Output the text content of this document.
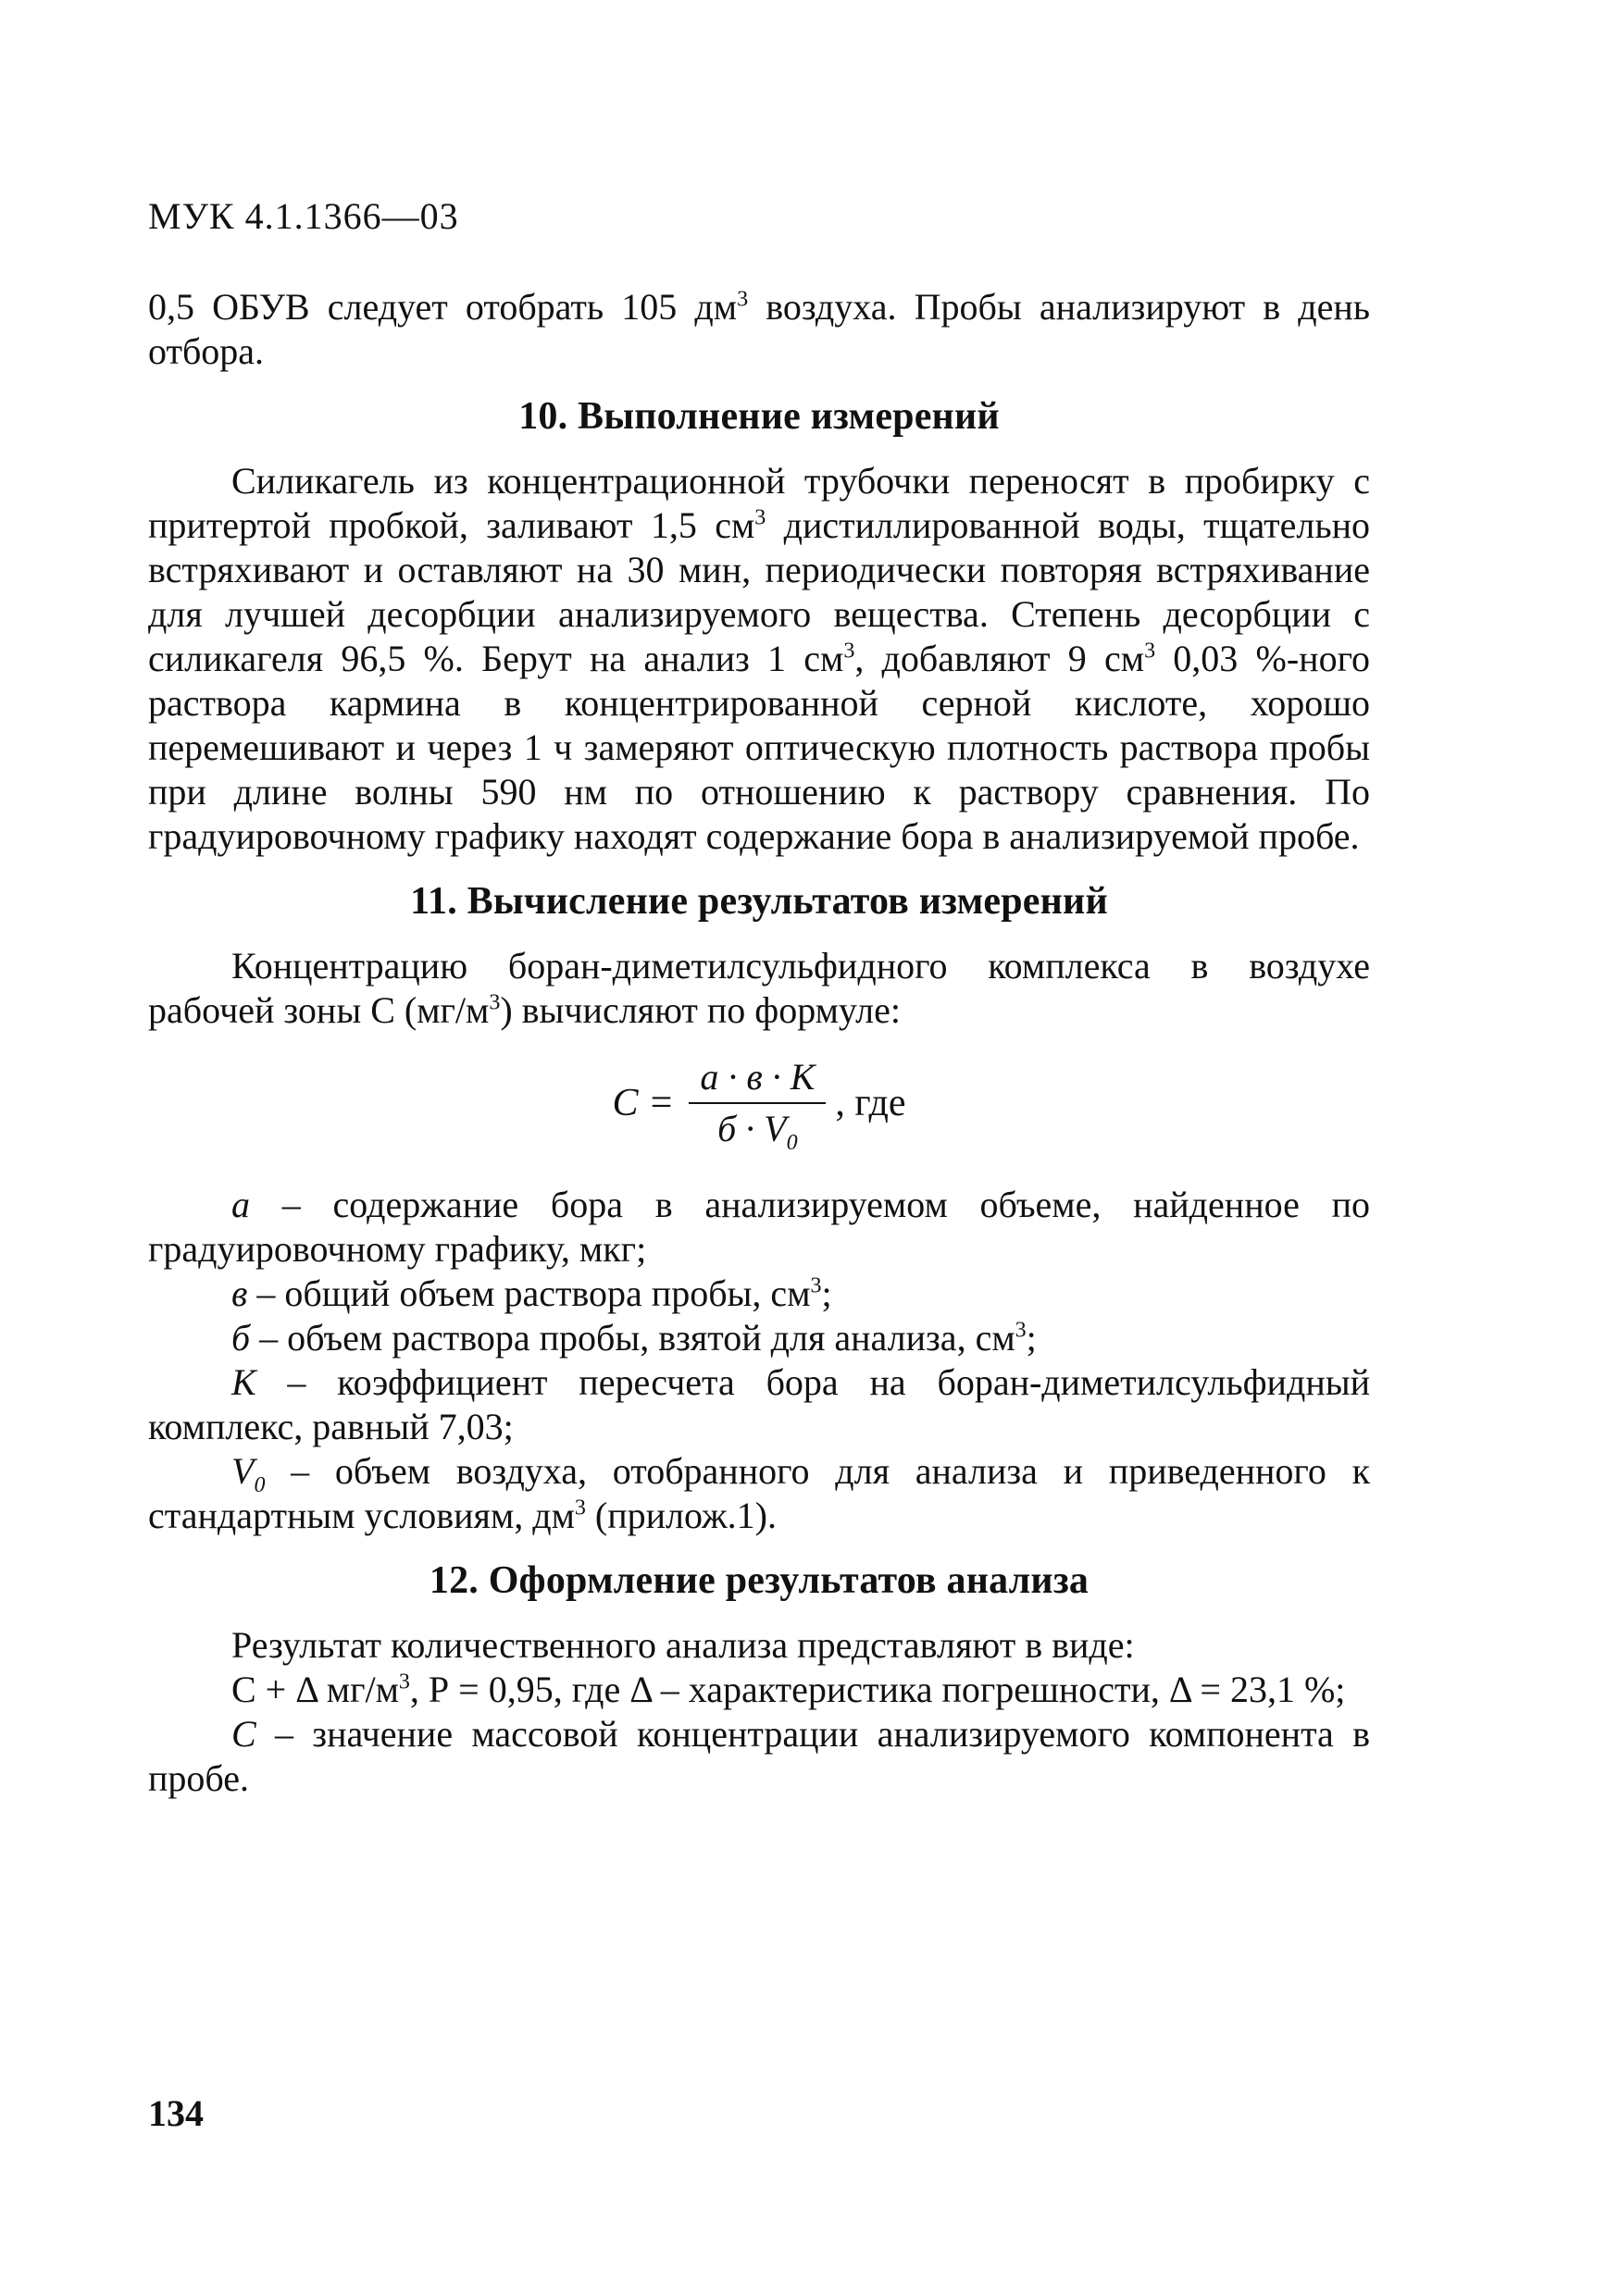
МУК 4.1.1366—03

0,5 ОБУВ следует отобрать 105 $дм^3$ воздуха. Пробы анализируют в день отбора.

10. Выполнение измерений

Силикагель из концентрационной трубочки переносят в пробирку с притертой пробкой, заливают 1,5 $см^3$ дистиллированной воды, тщательно встряхивают и оставляют на 30 мин, периодически повторяя встряхивание для лучшей десорбции анализируемого вещества. Степень десорбции с силикагеля 96,5 %. Берут на анализ 1 $см^3$, добавляют 9 $см^3$ 0,03 %-ного раствора кармина в концентрированной серной кислоте, хорошо перемешивают и через 1 ч замеряют оптическую плотность раствора пробы при длине волны 590 нм по отношению к раствору сравнения. По градуировочному графику находят содержание бора в анализируемой пробе.

11. Вычисление результатов измерений

Концентрацию боран-диметилсульфидного комплекса в воздухе рабочей зоны С $(мг/м^3)$ вычисляют по формуле:

$С = \frac{а \cdot в \cdot К}{б \cdot V_0}$ , где

а – содержание бора в анализируемом объеме, найденное по градуировочному графику, мкг;

в – общий объем раствора пробы, $см^3$;

б – объем раствора пробы, взятой для анализа, $см^3$;

К – коэффициент пересчета бора на боран-диметилсульфидный комплекс, равный 7,03;

$V_0$ – объем воздуха, отобранного для анализа и приведенного к стандартным условиям, $дм^3$ (прилож.1).

12. Оформление результатов анализа

Результат количественного анализа представляют в виде:

С + Δ $мг/м^3$, Р = 0,95, где Δ – характеристика погрешности, Δ = 23,1 %;

С – значение массовой концентрации анализируемого компонента в пробе.

134
